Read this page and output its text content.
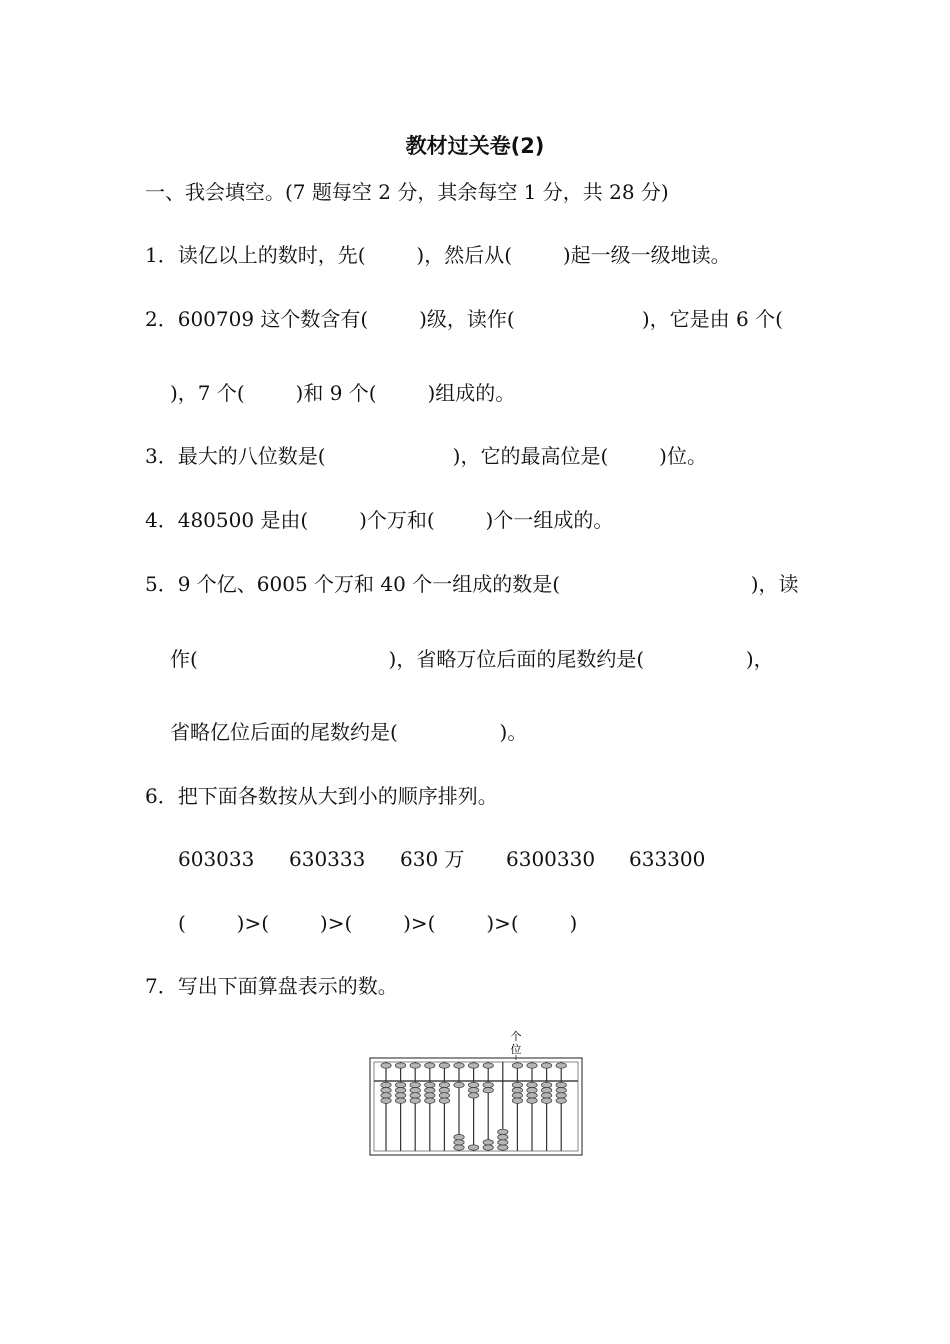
教材过关卷(2)
一、我会填空。(7 题每空 2 分，其余每空 1 分，共 28 分)
1．读亿以上的数时，先(        )，然后从(        )起一级一级地读。
2．600709 这个数含有(        )级，读作(                    )，它是由 6 个(
)，7 个(        )和 9 个(        )组成的。
3．最大的八位数是(                    )，它的最高位是(        )位。
4．480500 是由(        )个万和(        )个一组成的。
5．9 个亿、6005 个万和 40 个一组成的数是(                              )，读
作(                              )，省略万位后面的尾数约是(                )，
省略亿位后面的尾数约是(                )。
6．把下面各数按从大到小的顺序排列。
603033 630333 630 万 6300330 633300
(        )>(        )>(        )>(        )>(        )
7．写出下面算盘表示的数。
个
位
